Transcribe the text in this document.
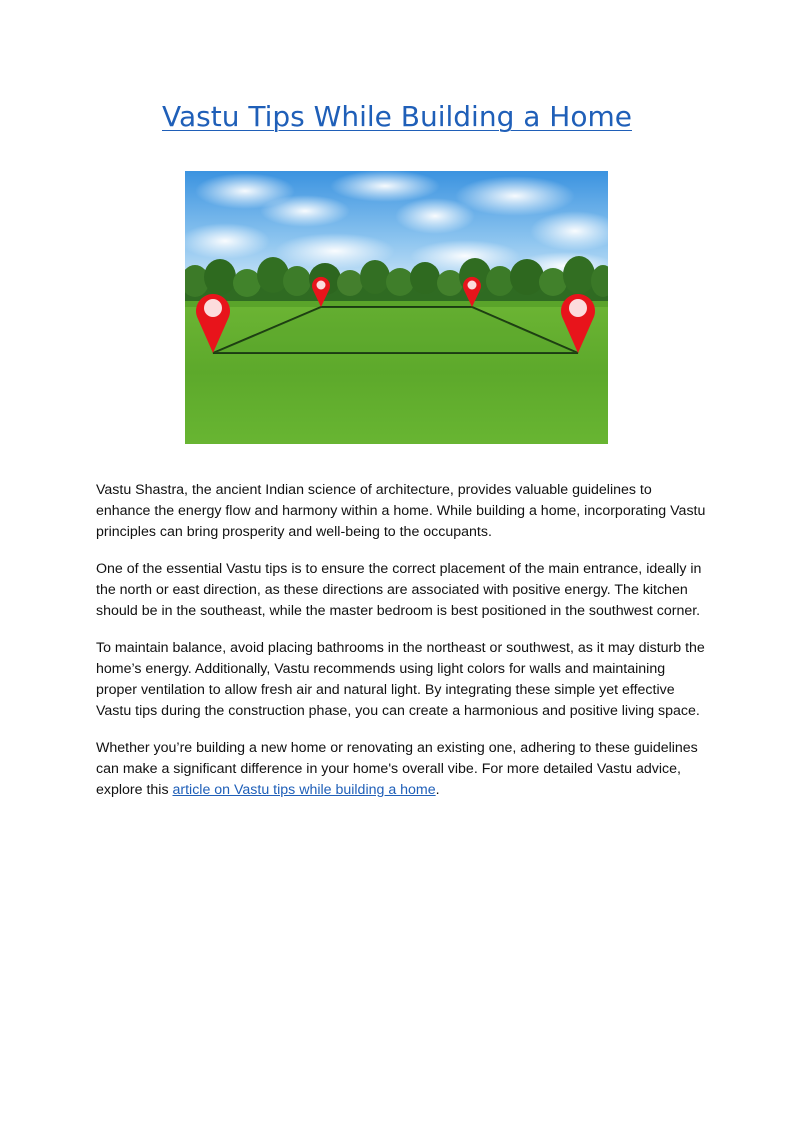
Vastu Tips While Building a Home

Vastu Shastra, the ancient Indian science of architecture, provides valuable guidelines to enhance the energy flow and harmony within a home. While building a home, incorporating Vastu principles can bring prosperity and well-being to the occupants.

One of the essential Vastu tips is to ensure the correct placement of the main entrance, ideally in the north or east direction, as these directions are associated with positive energy. The kitchen should be in the southeast, while the master bedroom is best positioned in the southwest corner.

To maintain balance, avoid placing bathrooms in the northeast or southwest, as it may disturb the home’s energy. Additionally, Vastu recommends using light colors for walls and maintaining proper ventilation to allow fresh air and natural light. By integrating these simple yet effective Vastu tips during the construction phase, you can create a harmonious and positive living space.

Whether you’re building a new home or renovating an existing one, adhering to these guidelines can make a significant difference in your home's overall vibe. For more detailed Vastu advice, explore this article on Vastu tips while building a home.
